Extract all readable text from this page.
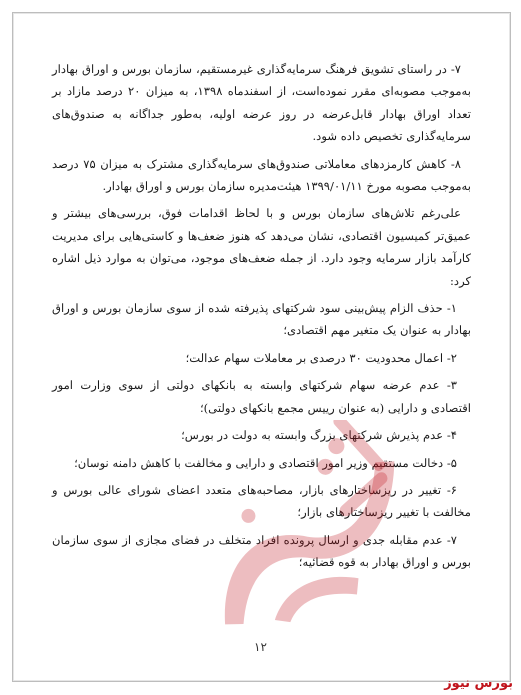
۷- در راستای تشویق فرهنگ سرمایه‌گذاری غیرمستقیم، سازمان بورس و اوراق بهادار به‌موجب مصوبه‌ای مقرر نموده‌است، از اسفندماه ۱۳۹۸، به میزان ۲۰ درصد مازاد بر تعداد اوراق بهادار قابل‌عرضه در روز عرضه اولیه، به‌طور جداگانه به صندوق‌های سرمایه‌گذاری تخصیص داده شود.

۸- کاهش کارمزدهای معاملاتی صندوق‌های سرمایه‌گذاری مشترک به میزان ۷۵ درصد به‌موجب مصوبه مورخ ۱۳۹۹/۰۱/۱۱ هیئت‌مدیره سازمان بورس و اوراق بهادار.

علی‌رغم تلاش‌های سازمان بورس و با لحاظ اقدامات فوق، بررسی‌های بیشتر و عمیق‌تر کمیسیون اقتصادی، نشان می‌دهد که هنوز ضعف‌ها و کاستی‌هایی برای مدیریت کارآمد بازار سرمایه وجود دارد. از جمله ضعف‌های موجود، می‌توان به موارد ذیل اشاره کرد:

۱- حذف الزام پیش‌بینی سود شرکتهای پذیرفته شده از سوی سازمان بورس و اوراق بهادار به عنوان یک متغیر مهم اقتصادی؛

۲- اعمال محدودیت ۳۰ درصدی بر معاملات سهام عدالت؛

۳- عدم عرضه سهام شرکتهای وابسته به بانکهای دولتی از سوی وزارت امور اقتصادی و دارایی (به عنوان رییس مجمع بانکهای دولتی)؛

۴- عدم پذیرش شرکتهای بزرگ وابسته به دولت در بورس؛

۵- دخالت مستقیم وزیر امور اقتصادی و دارایی و مخالفت با کاهش دامنه نوسان؛

۶- تغییر در ریزساختارهای بازار، مصاحبه‌های متعدد اعضای شورای عالی بورس و مخالفت با تغییر ریزساختارهای بازار؛

۷- عدم مقابله جدی و ارسال پرونده افراد متخلف در فضای مجازی از سوی سازمان بورس و اوراق بهادار به قوه قضائیه؛

۱۲
بورس نیوز
